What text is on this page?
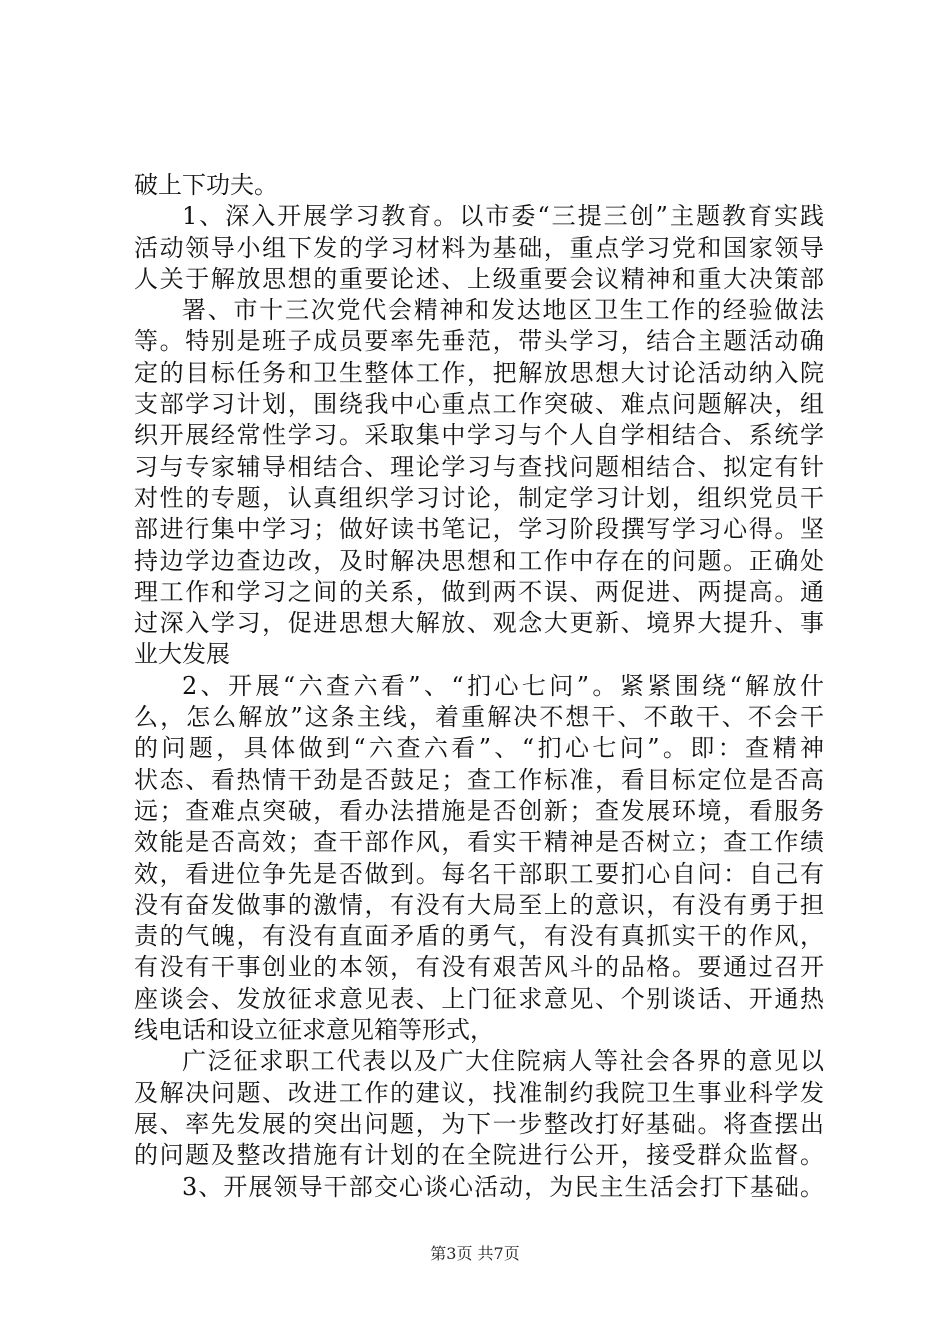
破上下功夫。
1、深入开展学习教育。以市委“三提三创”主题教育实践
活动领导小组下发的学习材料为基础，重点学习党和国家领导
人关于解放思想的重要论述、上级重要会议精神和重大决策部
署、市十三次党代会精神和发达地区卫生工作的经验做法
等。特别是班子成员要率先垂范，带头学习，结合主题活动确
定的目标任务和卫生整体工作，把解放思想大讨论活动纳入院
支部学习计划，围绕我中心重点工作突破、难点问题解决，组
织开展经常性学习。采取集中学习与个人自学相结合、系统学
习与专家辅导相结合、理论学习与查找问题相结合、拟定有针
对性的专题，认真组织学习讨论，制定学习计划，组织党员干
部进行集中学习；做好读书笔记，学习阶段撰写学习心得。坚
持边学边查边改，及时解决思想和工作中存在的问题。正确处
理工作和学习之间的关系，做到两不误、两促进、两提高。通
过深入学习，促进思想大解放、观念大更新、境界大提升、事
业大发展
2、开展“六查六看”、“扪心七问”。紧紧围绕“解放什
么，怎么解放”这条主线，着重解决不想干、不敢干、不会干
的问题，具体做到“六查六看”、“扪心七问”。即：查精神
状态、看热情干劲是否鼓足；查工作标准，看目标定位是否高
远；查难点突破，看办法措施是否创新；查发展环境，看服务
效能是否高效；查干部作风，看实干精神是否树立；查工作绩
效，看进位争先是否做到。每名干部职工要扪心自问：自己有
没有奋发做事的激情，有没有大局至上的意识，有没有勇于担
责的气魄，有没有直面矛盾的勇气，有没有真抓实干的作风，
有没有干事创业的本领，有没有艰苦风斗的品格。要通过召开
座谈会、发放征求意见表、上门征求意见、个别谈话、开通热
线电话和设立征求意见箱等形式，
广泛征求职工代表以及广大住院病人等社会各界的意见以
及解决问题、改进工作的建议，找准制约我院卫生事业科学发
展、率先发展的突出问题，为下一步整改打好基础。将查摆出
的问题及整改措施有计划的在全院进行公开，接受群众监督。
3、开展领导干部交心谈心活动，为民主生活会打下基础。
第3页 共7页
